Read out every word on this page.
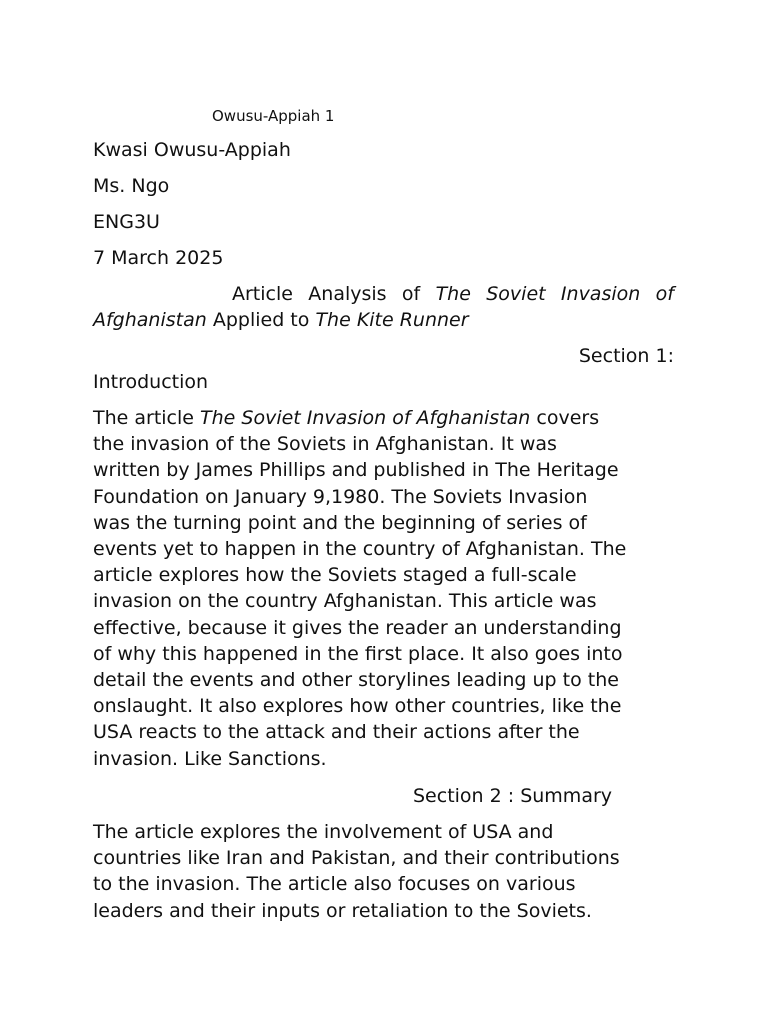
Owusu-Appiah 1
Kwasi Owusu-Appiah
Ms. Ngo
ENG3U
7 March 2025
Article Analysis of The Soviet Invasion of
Afghanistan Applied to The Kite Runner
Section 1:
Introduction
The article The Soviet Invasion of Afghanistan covers
the invasion of the Soviets in Afghanistan. It was
written by James Phillips and published in The Heritage
Foundation on January 9,1980. The Soviets Invasion
was the turning point and the beginning of series of
events yet to happen in the country of Afghanistan. The
article explores how the Soviets staged a full-scale
invasion on the country Afghanistan. This article was
effective, because it gives the reader an understanding
of why this happened in the first place. It also goes into
detail the events and other storylines leading up to the
onslaught. It also explores how other countries, like the
USA reacts to the attack and their actions after the
invasion. Like Sanctions.
Section 2 : Summary
The article explores the involvement of USA and
countries like Iran and Pakistan, and their contributions
to the invasion. The article also focuses on various
leaders and their inputs or retaliation to the Soviets.
